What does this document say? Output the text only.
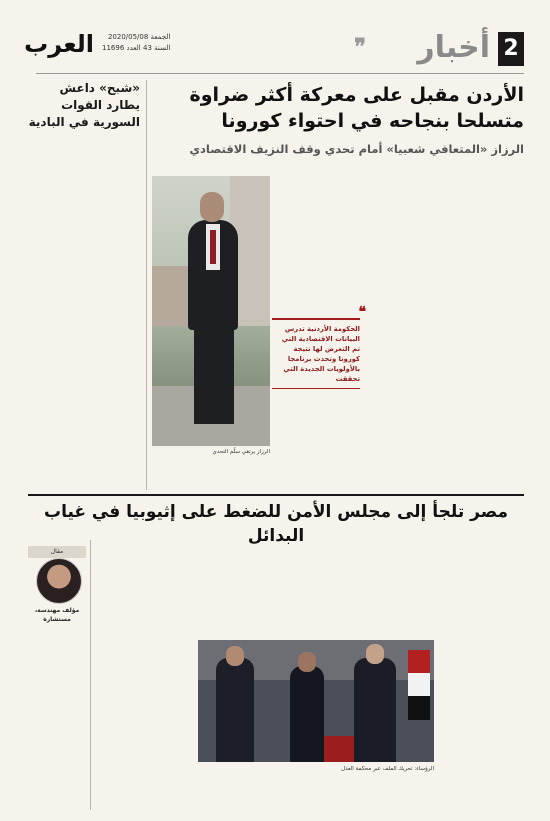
2
أخبار
❞
العرب	الجمعة 2020/05/08
السنة 43 العدد 11696
الأردن مقبل على معركة أكثر ضراوة
متسلحا بنجاحه في احتواء كورونا
الرزاز «المتعافي شعبيا» أمام تحدي وقف النزيف الاقتصادي
«شبح» داعش يطارد القوات السورية في البادية
الرزاز يرتقي سلّم التحدي
❝
الحكومة الأردنية تدرس البيانات الاقتصادية التي تم التعرض لها نتيجة كورونا وتحدث برنامجا بالأولويات الجديدة التي تحققت
مصر تلجأ إلى مجلس الأمن للضغط على إثيوبيا في غياب البدائل
مقال
مؤلف مهندسة، مستشارة
الرؤساء: تحريك الملف عبر محكمة العدل
